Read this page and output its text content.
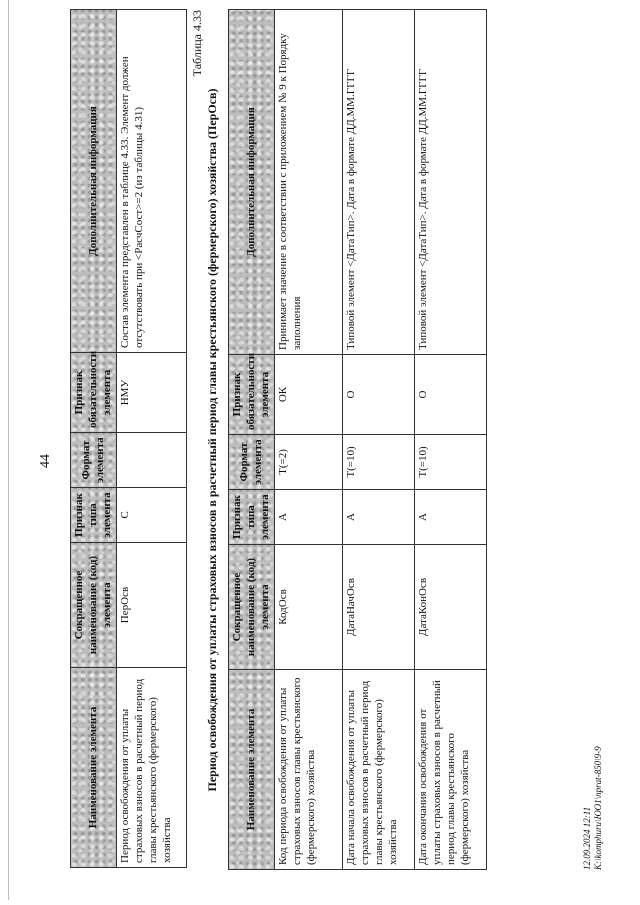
44
Наименование элемента	Сокращенное наименование (код) элемента	Признак типа элемента	Формат элемента	Признак обязательности элемента	Дополнительная информация
Период освобождения от уплаты страховых взносов в расчетный период главы крестьянского (фермерского) хозяйства	ПерОсв	С		НМУ	Состав элемента представлен в таблице 4.33. Элемент должен отсутствовать при <РасчСост>=2 (из таблицы 4.31)
Таблица 4.33
Период освобождения от уплаты страховых взносов в расчетный период главы крестьянского (фермерского) хозяйства (ПерОсв) Наименование элемента	Сокращенное наименование (код) элемента	Признак типа элемента	Формат элемента	Признак обязательности элемента	Дополнительная информация
Код периода освобождения от уплаты страховых взносов главы крестьянского (фермерского) хозяйства	КодОсв	А	T(=2)	ОК	Принимает значение в соответствии с приложением № 9 к Порядку заполнения
Дата начала освобождения от уплаты страховых взносов в расчетный период главы крестьянского (фермерского) хозяйства	ДатаНачОсв	А	T(=10)	О	Типовой элемент <ДатаТип>. Дата в формате ДД.ММ.ГГГГ
Дата окончания освобождения от уплаты страховых взносов в расчетный период главы крестьянского (фермерского) хозяйства	ДатаКонОсв	А	T(=10)	О	Типовой элемент <ДатаТип>. Дата в формате ДД.ММ.ГГГГ
12.09.2024 12:11 К:\komphuru\ЮО1\nprat-850\9-9
